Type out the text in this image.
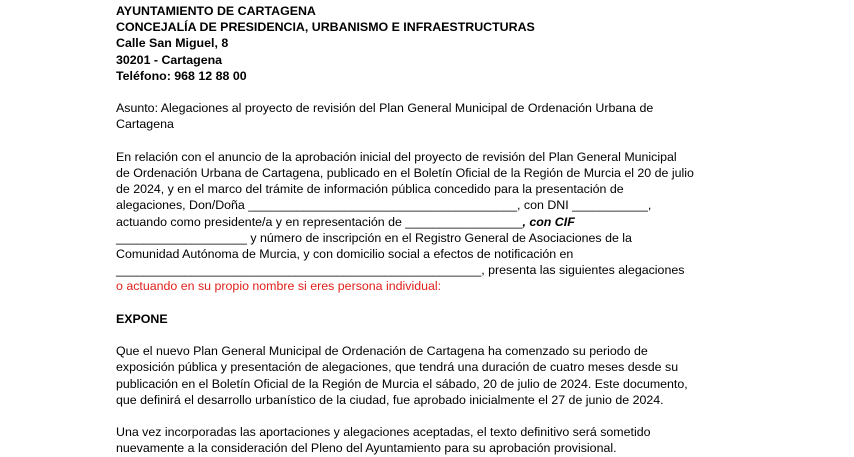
AYUNTAMIENTO DE CARTAGENA
CONCEJALÍA DE PRESIDENCIA, URBANISMO E INFRAESTRUCTURAS
Calle San Miguel, 8
30201 - Cartagena
Teléfono: 968 12 88 00
Asunto: Alegaciones al proyecto de revisión del Plan General Municipal de Ordenación Urbana de
Cartagena
En relación con el anuncio de la aprobación inicial del proyecto de revisión del Plan General Municipal
de Ordenación Urbana de Cartagena, publicado en el Boletín Oficial de la Región de Murcia el 20 de julio
de 2024, y en el marco del trámite de información pública concedido para la presentación de
alegaciones, Don/Doña _______________________________________, con DNI ___________,
actuando como presidente/a y en representación de _________________, con CIF
___________________ y número de inscripción en el Registro General de Asociaciones de la
Comunidad Autónoma de Murcia, y con domicilio social a efectos de notificación en
_____________________________________________________, presenta las siguientes alegaciones
o actuando en su propio nombre si eres persona individual:
EXPONE
Que el nuevo Plan General Municipal de Ordenación de Cartagena ha comenzado su periodo de
exposición pública y presentación de alegaciones, que tendrá una duración de cuatro meses desde su
publicación en el Boletín Oficial de la Región de Murcia el sábado, 20 de julio de 2024. Este documento,
que definirá el desarrollo urbanístico de la ciudad, fue aprobado inicialmente el 27 de junio de 2024.
Una vez incorporadas las aportaciones y alegaciones aceptadas, el texto definitivo será sometido
nuevamente a la consideración del Pleno del Ayuntamiento para su aprobación provisional.
